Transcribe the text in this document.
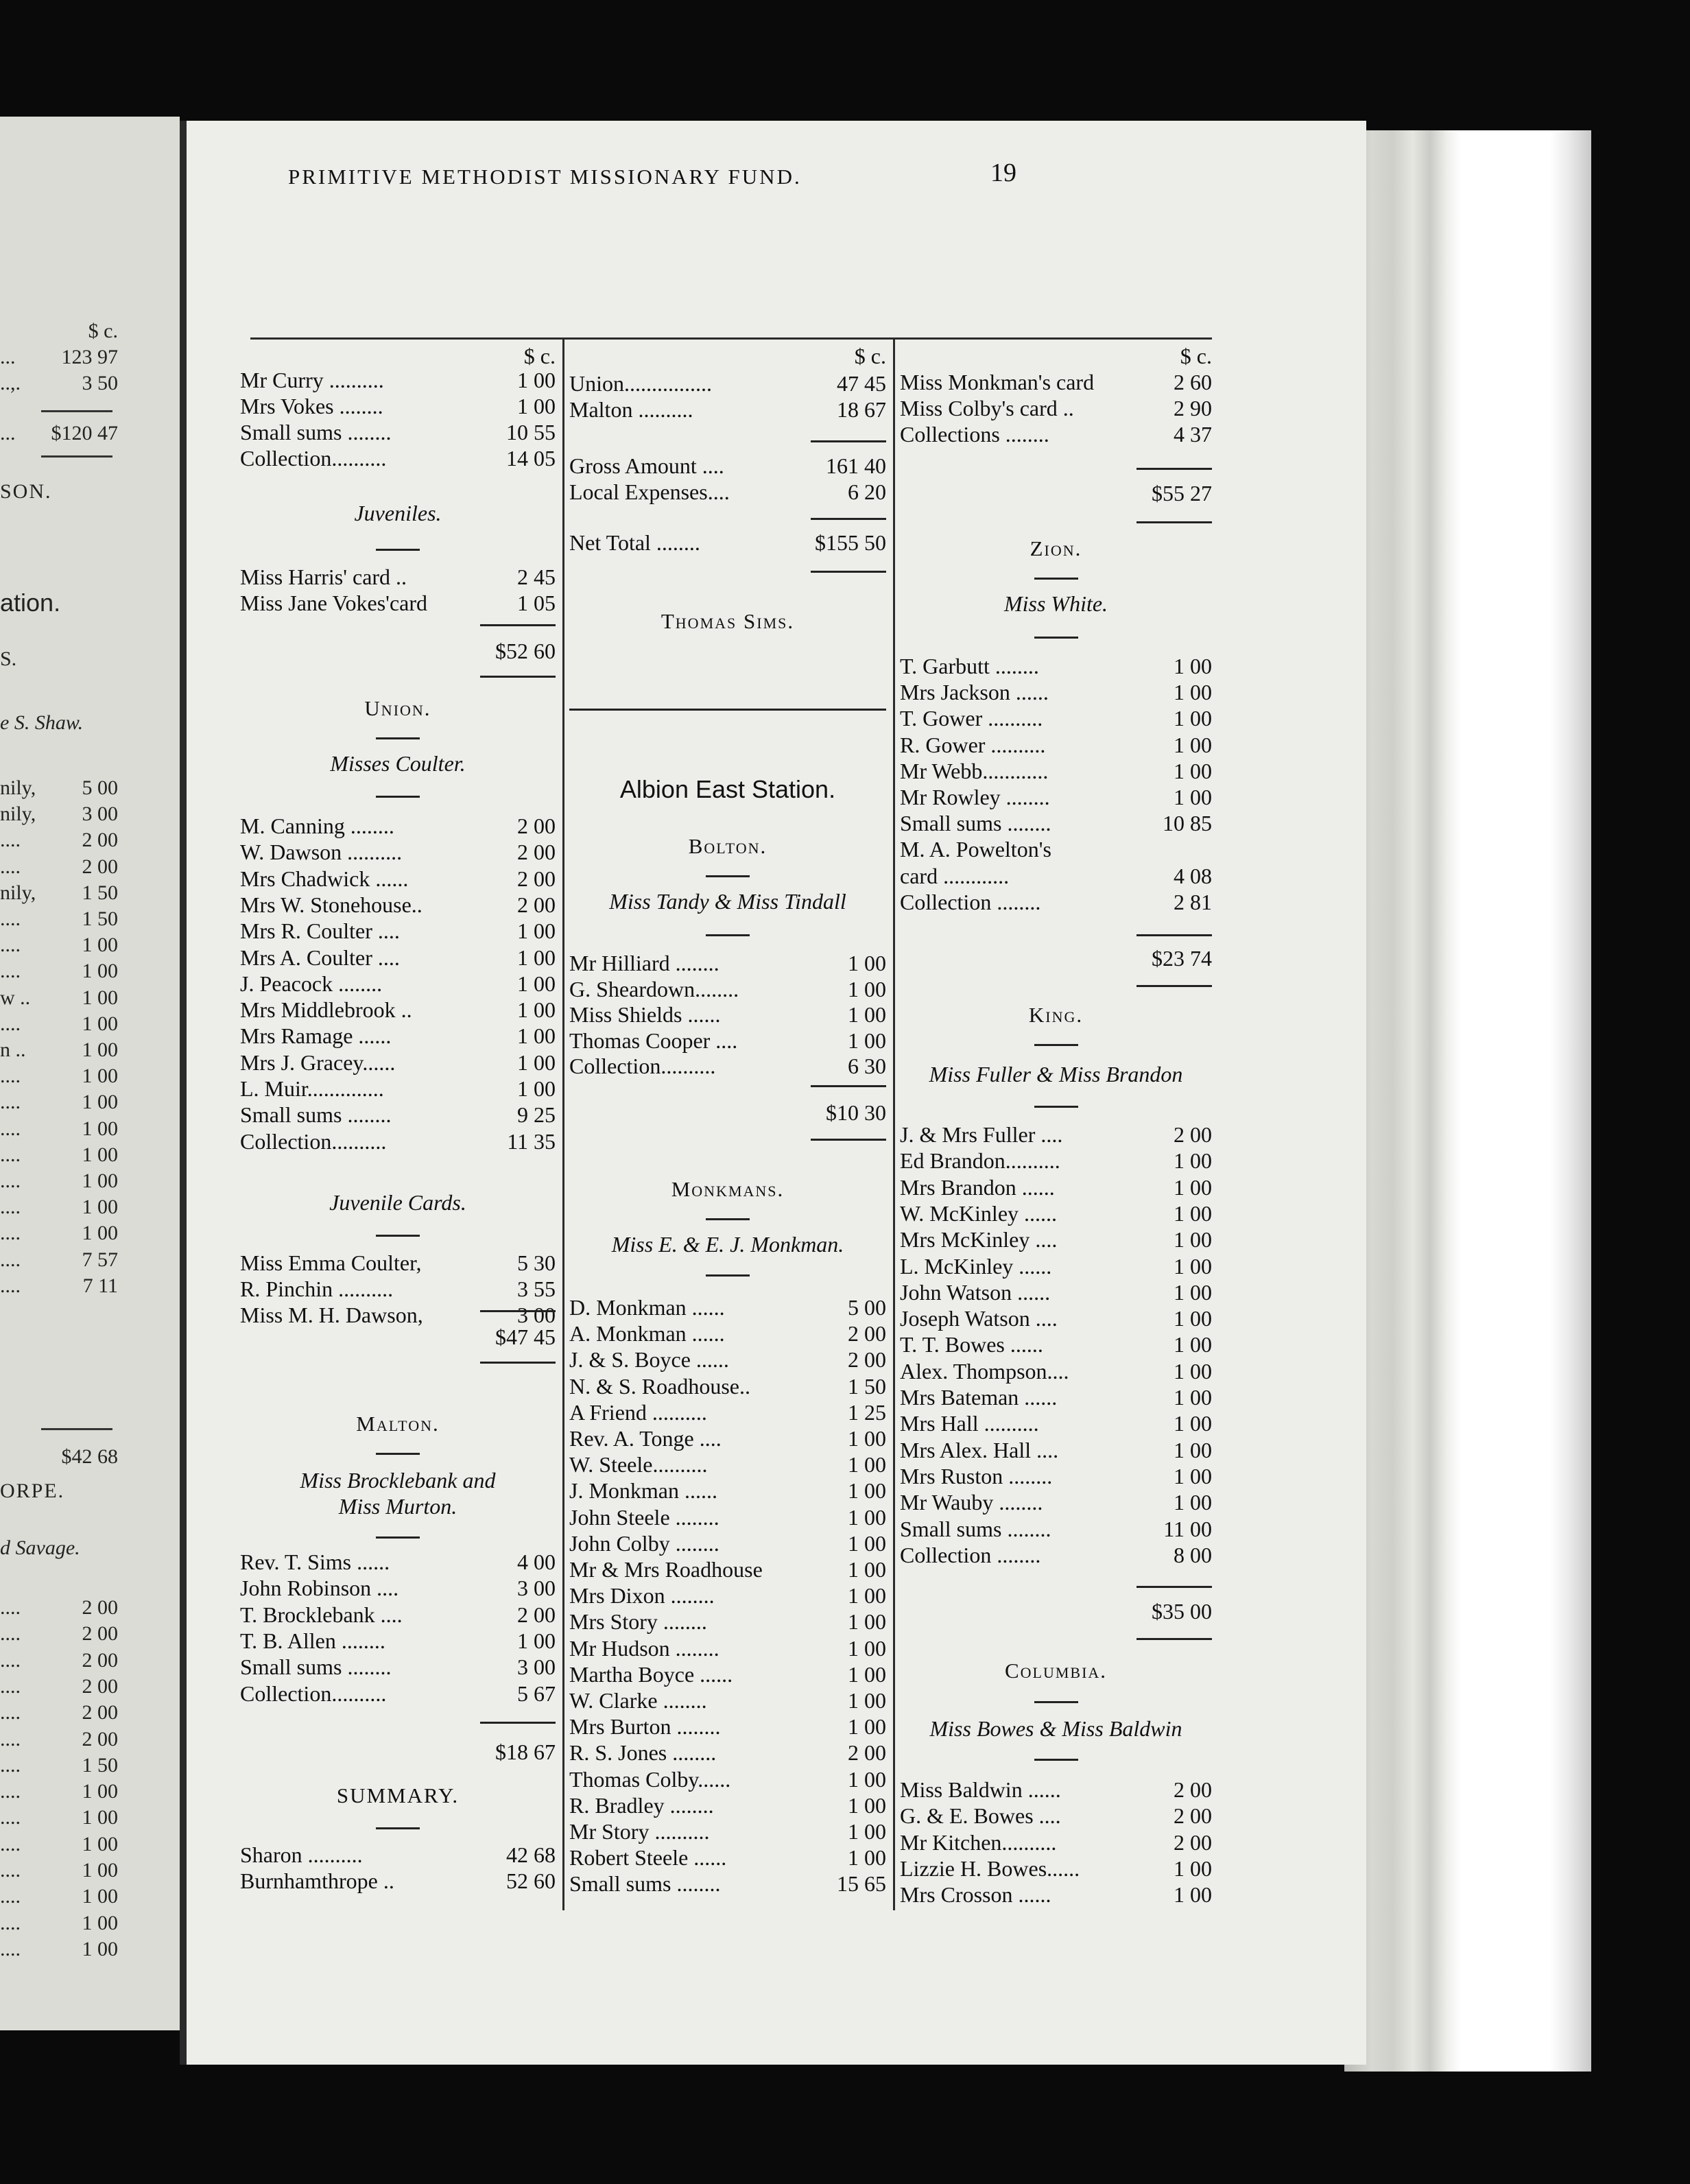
$ c.
... 123 97
..,.	3 50
... $120 47
SON.
ation.
S.
e S. Shaw.
nily, 5 00
nily, 3 00
....	2 00
....	2 00
nily, 1 50
....	1 50
....	1 00
....	1 00
w ..	1 00
....	1 00
n ..	1 00
....	1 00
....	1 00
....	1 00
....	1 00
....	1 00
....	1 00
....	1 00
....	7 57
....	7 11
$42 68
ORPE.
d Savage.
....	2 00
....	2 00
....	2 00
....	2 00
....	2 00
....	2 00
....	1 50
....	1 00
....	1 00
....	1 00
....	1 00
....	1 00
....	1 00
....	1 00
PRIMITIVE METHODIST MISSIONARY FUND.	19
$ c.
Mr Curry ..........	1 00
Mrs Vokes ........	1 00
Small sums ........	10 55
Collection..........	14 05
Juveniles.
Miss Harris' card ..	2 45
Miss Jane Vokes'card	1 05
$52 60
Union.
Misses Coulter.
M. Canning ........	2 00
W. Dawson ..........	2 00
Mrs Chadwick ......	2 00
Mrs W. Stonehouse..	2 00
Mrs R. Coulter ....	1 00
Mrs A. Coulter ....	1 00
J. Peacock ........	1 00
Mrs Middlebrook ..	1 00
Mrs Ramage ......	1 00
Mrs J. Gracey......	1 00
L. Muir..............	1 00
Small sums ........	9 25
Collection..........	11 35
Juvenile Cards.
Miss Emma Coulter,	5 30
R. Pinchin ..........	3 55
Miss M. H. Dawson,	3 00
$47 45
Malton.
Miss Brocklebank and
Miss Murton.
Rev. T. Sims ......	4 00
John Robinson ....	3 00
T. Brocklebank ....	2 00
T. B. Allen ........	1 00
Small sums ........	3 00
Collection..........	5 67
$18 67
SUMMARY.
Sharon ..........	42 68
Burnhamthrope ..	52 60
$ c.
Union................	47 45
Malton ..........	18 67
Gross Amount ....	161 40
Local Expenses....	6 20
Net Total ........	$155 50
Thomas Sims.
Albion East Station.
Bolton.
Miss Tandy & Miss Tindall
Mr Hilliard ........	1 00
G. Sheardown........	1 00
Miss Shields ......	1 00
Thomas Cooper ....	1 00
Collection..........	6 30
$10 30
Monkmans.
Miss E. & E. J. Monkman.
D. Monkman ......	5 00
A. Monkman ......	2 00
J. & S. Boyce ......	2 00
N. & S. Roadhouse..	1 50
A Friend ..........	1 25
Rev. A. Tonge ....	1 00
W. Steele..........	1 00
J. Monkman ......	1 00
John Steele ........	1 00
John Colby ........	1 00
Mr & Mrs Roadhouse	1 00
Mrs Dixon ........	1 00
Mrs Story ........	1 00
Mr Hudson ........	1 00
Martha Boyce ......	1 00
W. Clarke ........	1 00
Mrs Burton ........	1 00
R. S. Jones ........	2 00
Thomas Colby......	1 00
R. Bradley ........	1 00
Mr Story ..........	1 00
Robert Steele ......	1 00
Small sums ........	15 65
$ c.
Miss Monkman's card	2 60
Miss Colby's card ..	2 90
Collections ........	4 37
$55 27
Zion.
Miss White.
T. Garbutt ........	1 00
Mrs Jackson ......	1 00
T. Gower ..........	1 00
R. Gower ..........	1 00
Mr Webb............	1 00
Mr Rowley ........	1 00
Small sums ........	10 85
M. A. Powelton's
card ............	4 08
Collection ........	2 81
$23 74
King.
Miss Fuller & Miss Brandon
J. & Mrs Fuller ....	2 00
Ed Brandon..........	1 00
Mrs Brandon ......	1 00
W. McKinley ......	1 00
Mrs McKinley ....	1 00
L. McKinley ......	1 00
John Watson ......	1 00
Joseph Watson ....	1 00
T. T. Bowes ......	1 00
Alex. Thompson....	1 00
Mrs Bateman ......	1 00
Mrs Hall ..........	1 00
Mrs Alex. Hall ....	1 00
Mrs Ruston ........	1 00
Mr Wauby ........	1 00
Small sums ........	11 00
Collection ........	8 00
$35 00
Columbia.
Miss Bowes & Miss Baldwin
Miss Baldwin ......	2 00
G. & E. Bowes ....	2 00
Mr Kitchen..........	2 00
Lizzie H. Bowes......	1 00
Mrs Crosson ......	1 00
